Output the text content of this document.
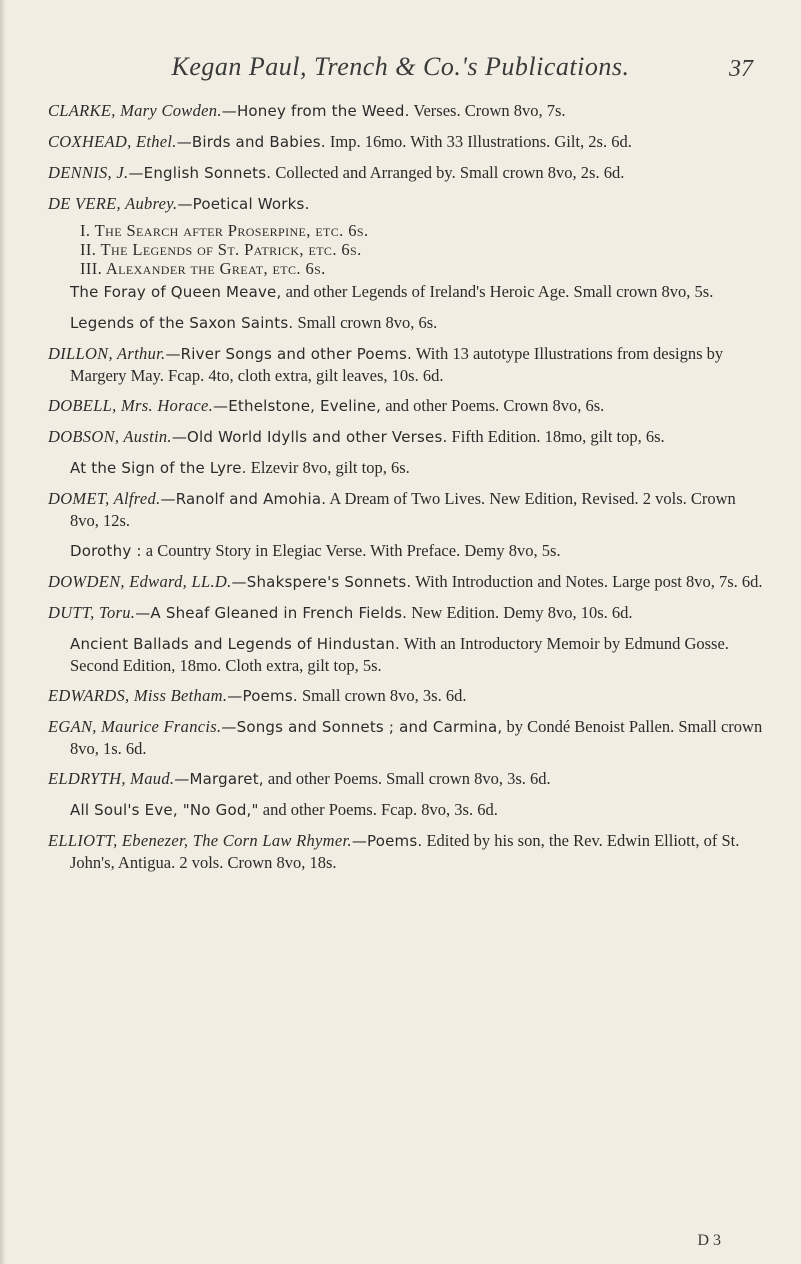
Kegan Paul, Trench & Co.'s Publications.	37
CLARKE, Mary Cowden.—Honey from the Weed. Verses. Crown 8vo, 7s.
COXHEAD, Ethel.—Birds and Babies. Imp. 16mo. With 33 Illustrations. Gilt, 2s. 6d.
DENNIS, J.—English Sonnets. Collected and Arranged by. Small crown 8vo, 2s. 6d.
DE VERE, Aubrey.—Poetical Works.
I. The Search after Proserpine, etc. 6s.
II. The Legends of St. Patrick, etc. 6s.
III. Alexander the Great, etc. 6s.
The Foray of Queen Meave, and other Legends of Ireland's Heroic Age. Small crown 8vo, 5s.
Legends of the Saxon Saints. Small crown 8vo, 6s.
DILLON, Arthur.—River Songs and other Poems. With 13 autotype Illustrations from designs by Margery May. Fcap. 4to, cloth extra, gilt leaves, 10s. 6d.
DOBELL, Mrs. Horace.—Ethelstone, Eveline, and other Poems. Crown 8vo, 6s.
DOBSON, Austin.—Old World Idylls and other Verses. Fifth Edition. 18mo, gilt top, 6s.
At the Sign of the Lyre. Elzevir 8vo, gilt top, 6s.
DOMET, Alfred.—Ranolf and Amohia. A Dream of Two Lives. New Edition, Revised. 2 vols. Crown 8vo, 12s.
Dorothy : a Country Story in Elegiac Verse. With Preface. Demy 8vo, 5s.
DOWDEN, Edward, LL.D.—Shakspere's Sonnets. With Introduction and Notes. Large post 8vo, 7s. 6d.
DUTT, Toru.—A Sheaf Gleaned in French Fields. New Edition. Demy 8vo, 10s. 6d.
Ancient Ballads and Legends of Hindustan. With an Introductory Memoir by Edmund Gosse. Second Edition, 18mo. Cloth extra, gilt top, 5s.
EDWARDS, Miss Betham.—Poems. Small crown 8vo, 3s. 6d.
EGAN, Maurice Francis.—Songs and Sonnets ; and Carmina, by Condé Benoist Pallen. Small crown 8vo, 1s. 6d.
ELDRYTH, Maud.—Margaret, and other Poems. Small crown 8vo, 3s. 6d.
All Soul's Eve, "No God," and other Poems. Fcap. 8vo, 3s. 6d.
ELLIOTT, Ebenezer, The Corn Law Rhymer.—Poems. Edited by his son, the Rev. Edwin Elliott, of St. John's, Antigua. 2 vols. Crown 8vo, 18s.
D 3
